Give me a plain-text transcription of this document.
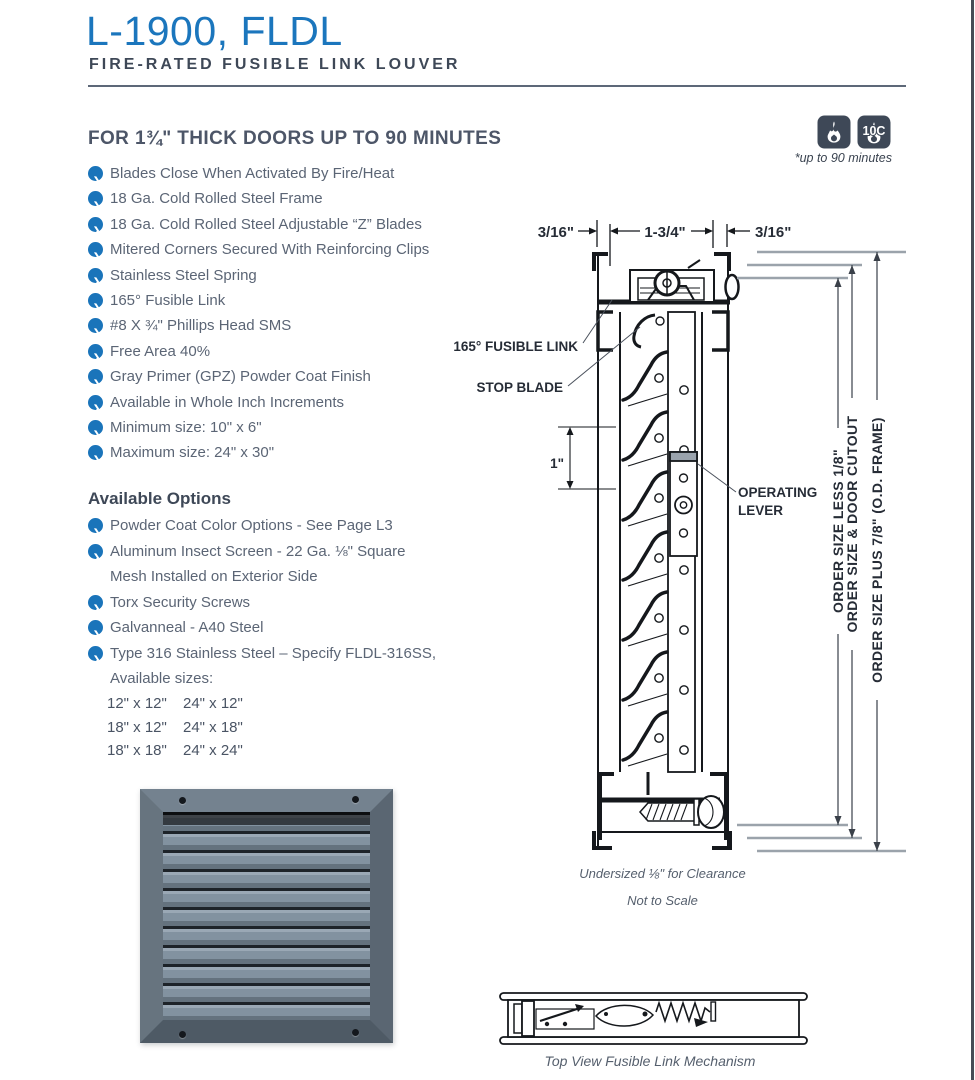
L-1900, FLDL
FIRE-RATED FUSIBLE LINK LOUVER
FOR 1¾" THICK DOORS UP TO 90 MINUTES	10C
*up to 90 minutes
❯
Blades Close When Activated By Fire/Heat
❯
18 Ga. Cold Rolled Steel Frame
❯
18 Ga. Cold Rolled Steel Adjustable “Z” Blades
❯
Mitered Corners Secured With Reinforcing Clips
❯
Stainless Steel Spring
❯
165° Fusible Link
❯
#8 X ¾" Phillips Head SMS
❯
Free Area 40%
❯
Gray Primer (GPZ) Powder Coat Finish
❯
Available in Whole Inch Increments
❯
Minimum size: 10" x 6"
❯
Maximum size: 24" x 30"
Available Options
❯
Powder Coat Color Options - See Page L3
❯
Aluminum Insect Screen - 22 Ga. ⅛" Square
Mesh Installed on Exterior Side
❯
Torx Security Screws
❯
Galvanneal - A40 Steel
❯
Type 316 Stainless Steel – Specify FLDL-316SS,
Available sizes:
12" x 12" 24" x 12"
18" x 12" 24" x 18"
18" x 18" 24" x 24"
3/16"	1-3/4"	3/16"
OPERATING
LEVER
165° FUSIBLE LINK
STOP BLADE
1"	ORDER SIZE LESS 1/8"
ORDER SIZE & DOOR CUTOUT ORDER SIZE PLUS 7/8" (O.D. FRAME)
Undersized ⅛" for Clearance
Not to Scale
Top View Fusible Link Mechanism
